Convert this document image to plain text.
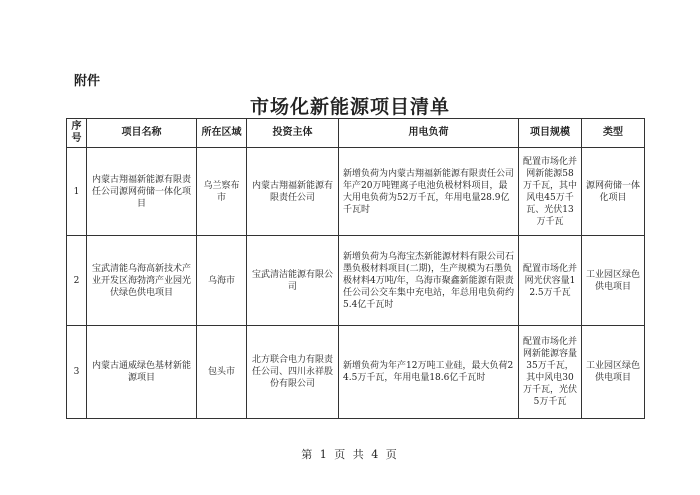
附件
市场化新能源项目清单
序号	项目名称	所在区域	投资主体	用电负荷	项目规模	类型
1	内蒙古翔福新能源有限责任公司源网荷储一体化项目	乌兰察布市	内蒙古翔福新能源有限责任公司	新增负荷为内蒙古翔福新能源有限责任公司年产20万吨锂离子电池负极材料项目，最大用电负荷为52万千瓦，年用电量28.9亿千瓦时	配置市场化并网新能源58万千瓦，其中风电45万千瓦、光伏13万千瓦	源网荷储一体化项目
2	宝武清能乌海高新技术产业开发区海勃湾产业园光伏绿色供电项目	乌海市	宝武清洁能源有限公司	新增负荷为乌海宝杰新能源材料有限公司石墨负极材料项目(二期)，生产规模为石墨负极材料4万吨/年，乌海市聚鑫新能源有限责任公司公交车集中充电站，年总用电负荷约5.4亿千瓦时	配置市场化并网光伏容量12.5万千瓦	工业园区绿色供电项目
3	内蒙古通威绿色基材新能源项目	包头市	北方联合电力有限责任公司、四川永祥股份有限公司	新增负荷为年产12万吨工业硅，最大负荷24.5万千瓦，年用电量18.6亿千瓦时	配置市场化并网新能源容量35万千瓦，其中风电30万千瓦，光伏5万千瓦	工业园区绿色供电项目
第 1 页 共 4 页
